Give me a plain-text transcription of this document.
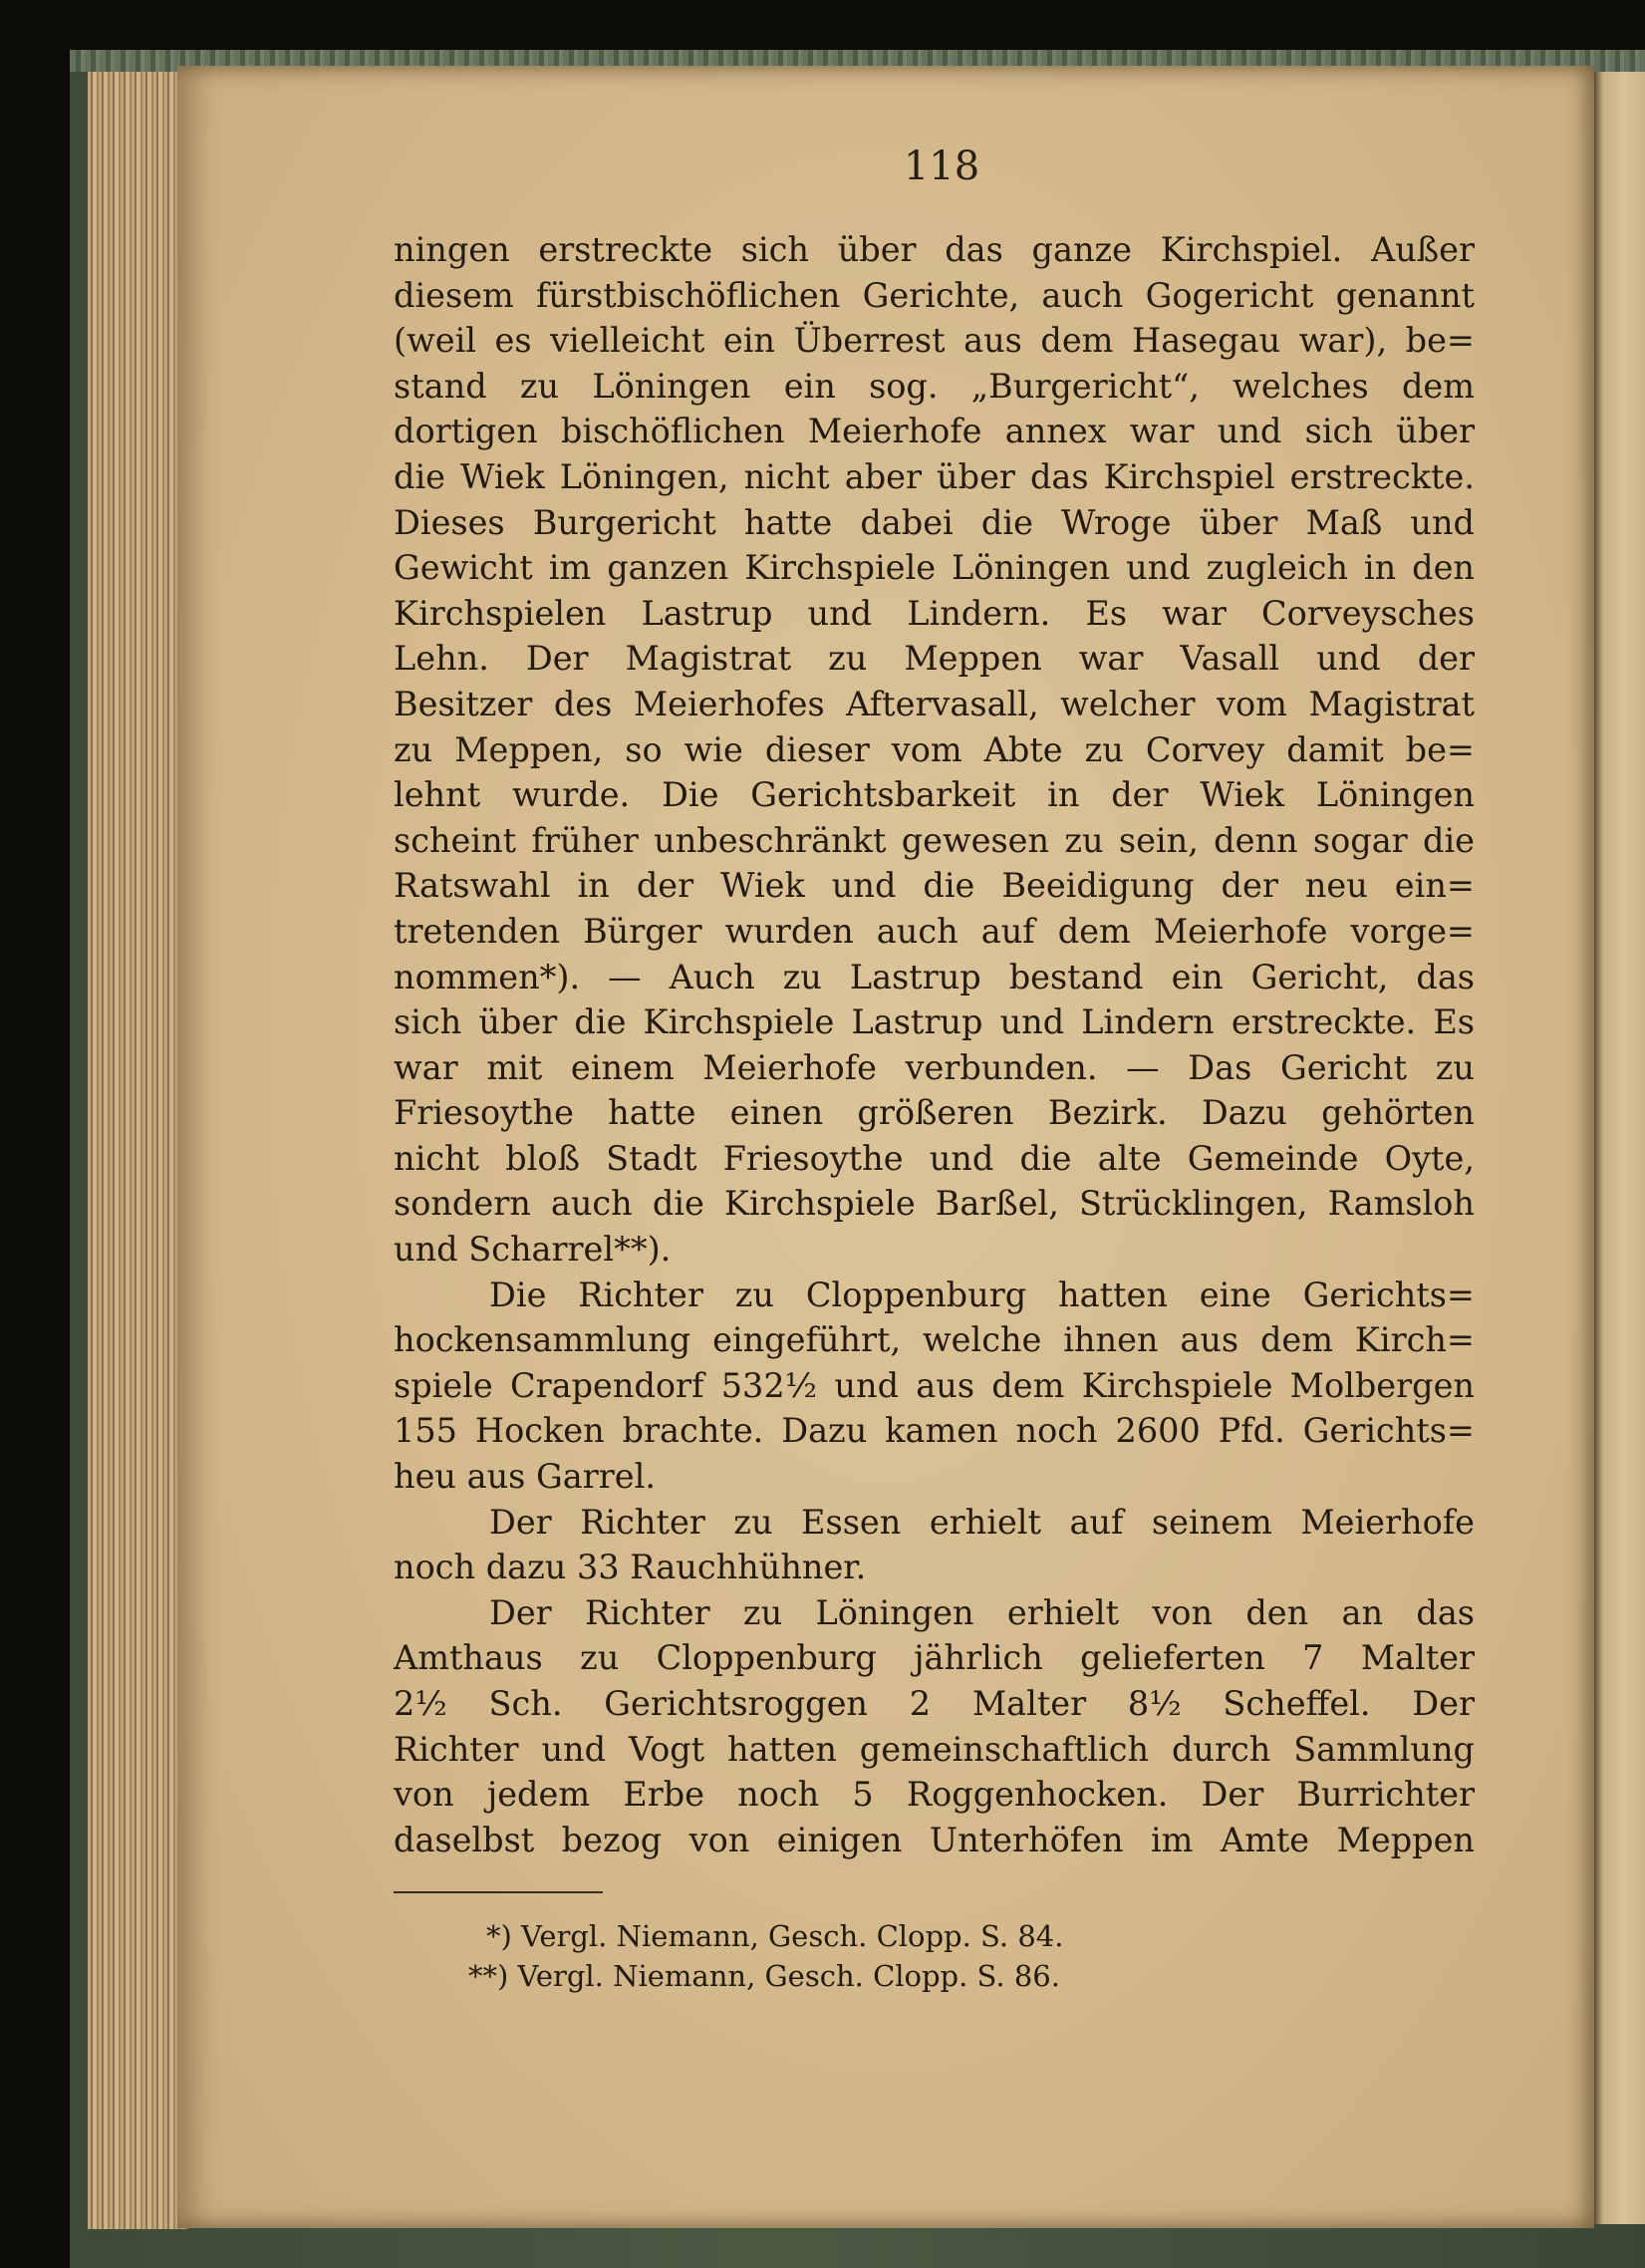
118
ningen erstreckte sich über das ganze Kirchspiel. Außer
diesem fürstbischöflichen Gerichte, auch Gogericht genannt
(weil es vielleicht ein Überrest aus dem Hasegau war), be=
stand zu Löningen ein sog. „Burgericht“, welches dem
dortigen bischöflichen Meierhofe annex war und sich über
die Wiek Löningen, nicht aber über das Kirchspiel erstreckte.
Dieses Burgericht hatte dabei die Wroge über Maß und
Gewicht im ganzen Kirchspiele Löningen und zugleich in den
Kirchspielen Lastrup und Lindern. Es war Corveysches
Lehn. Der Magistrat zu Meppen war Vasall und der
Besitzer des Meierhofes Aftervasall, welcher vom Magistrat
zu Meppen, so wie dieser vom Abte zu Corvey damit be=
lehnt wurde. Die Gerichtsbarkeit in der Wiek Löningen
scheint früher unbeschränkt gewesen zu sein, denn sogar die
Ratswahl in der Wiek und die Beeidigung der neu ein=
tretenden Bürger wurden auch auf dem Meierhofe vorge=
nommen*). — Auch zu Lastrup bestand ein Gericht, das
sich über die Kirchspiele Lastrup und Lindern erstreckte. Es
war mit einem Meierhofe verbunden. — Das Gericht zu
Friesoythe hatte einen größeren Bezirk. Dazu gehörten
nicht bloß Stadt Friesoythe und die alte Gemeinde Oyte,
sondern auch die Kirchspiele Barßel, Strücklingen, Ramsloh
und Scharrel**).
Die Richter zu Cloppenburg hatten eine Gerichts=
hockensammlung eingeführt, welche ihnen aus dem Kirch=
spiele Crapendorf 532½ und aus dem Kirchspiele Molbergen
155 Hocken brachte. Dazu kamen noch 2600 Pfd. Gerichts=
heu aus Garrel.
Der Richter zu Essen erhielt auf seinem Meierhofe
noch dazu 33 Rauchhühner.
Der Richter zu Löningen erhielt von den an das
Amthaus zu Cloppenburg jährlich gelieferten 7 Malter
2½ Sch. Gerichtsroggen 2 Malter 8½ Scheffel. Der
Richter und Vogt hatten gemeinschaftlich durch Sammlung
von jedem Erbe noch 5 Roggenhocken. Der Burrichter
daselbst bezog von einigen Unterhöfen im Amte Meppen
*) Vergl. Niemann, Gesch. Clopp. S. 84.
**) Vergl. Niemann, Gesch. Clopp. S. 86.
